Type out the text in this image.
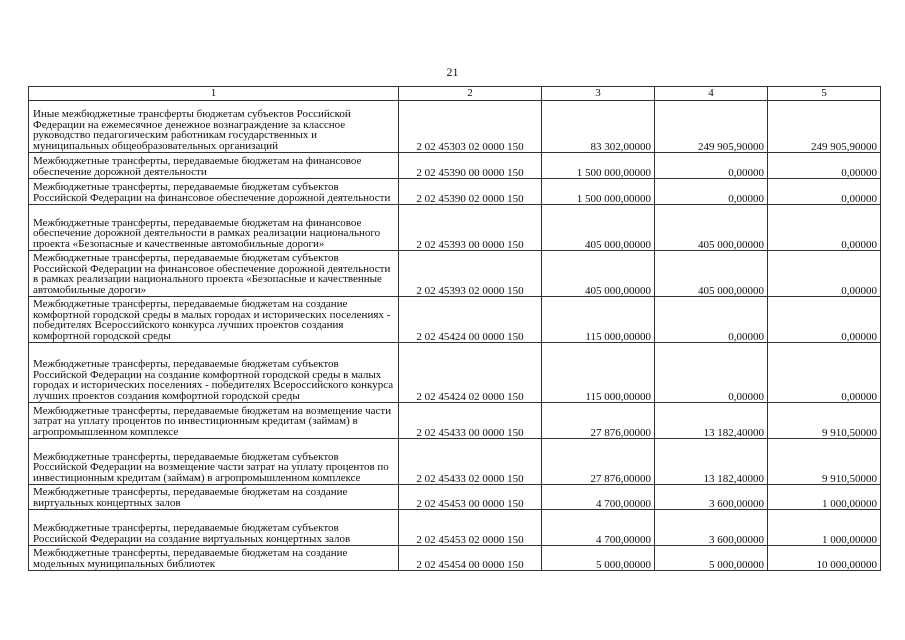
21
1	2	3	4	5
Иные межбюджетные трансферты бюджетам субъектов Российской Федерации на ежемесячное денежное вознаграждение за классное руководство педагогическим работникам государственных и муниципальных общеобразовательных организаций	2 02 45303 02 0000 150	83 302,00000	249 905,90000	249 905,90000
Межбюджетные трансферты, передаваемые бюджетам на финансовое обеспечение дорожной деятельности	2 02 45390 00 0000 150	1 500 000,00000	0,00000	0,00000
Межбюджетные трансферты, передаваемые бюджетам субъектов Российской Федерации на финансовое обеспечение дорожной деятельности	2 02 45390 02 0000 150	1 500 000,00000	0,00000	0,00000
Межбюджетные трансферты, передаваемые бюджетам на финансовое обеспечение дорожной деятельности в рамках реализации национального проекта «Безопасные и качественные автомобильные дороги»	2 02 45393 00 0000 150	405 000,00000	405 000,00000	0,00000
Межбюджетные трансферты, передаваемые бюджетам субъектов Российской Федерации на финансовое обеспечение дорожной деятельности в рамках реализации национального проекта «Безопасные и качественные автомобильные дороги»	2 02 45393 02 0000 150	405 000,00000	405 000,00000	0,00000
Межбюджетные трансферты, передаваемые бюджетам на создание комфортной городской среды в малых городах и исторических поселениях - победителях Всероссийского конкурса лучших проектов создания комфортной городской среды	2 02 45424 00 0000 150	115 000,00000	0,00000	0,00000
Межбюджетные трансферты, передаваемые бюджетам субъектов Российской Федерации на создание комфортной городской среды в малых городах и исторических поселениях - победителях Всероссийского конкурса лучших проектов создания комфортной городской среды	2 02 45424 02 0000 150	115 000,00000	0,00000	0,00000
Межбюджетные трансферты, передаваемые бюджетам на возмещение части затрат на уплату процентов по инвестиционным кредитам (займам) в агропромышленном комплексе	2 02 45433 00 0000 150	27 876,00000	13 182,40000	9 910,50000
Межбюджетные трансферты, передаваемые бюджетам субъектов Российской Федерации на возмещение части затрат на уплату процентов по инвестиционным кредитам (займам) в агропромышленном комплексе	2 02 45433 02 0000 150	27 876,00000	13 182,40000	9 910,50000
Межбюджетные трансферты, передаваемые бюджетам на создание виртуальных концертных залов	2 02 45453 00 0000 150	4 700,00000	3 600,00000	1 000,00000
Межбюджетные трансферты, передаваемые бюджетам субъектов Российской Федерации на создание виртуальных концертных залов	2 02 45453 02 0000 150	4 700,00000	3 600,00000	1 000,00000
Межбюджетные трансферты, передаваемые бюджетам на создание модельных муниципальных библиотек	2 02 45454 00 0000 150	5 000,00000	5 000,00000	10 000,00000
